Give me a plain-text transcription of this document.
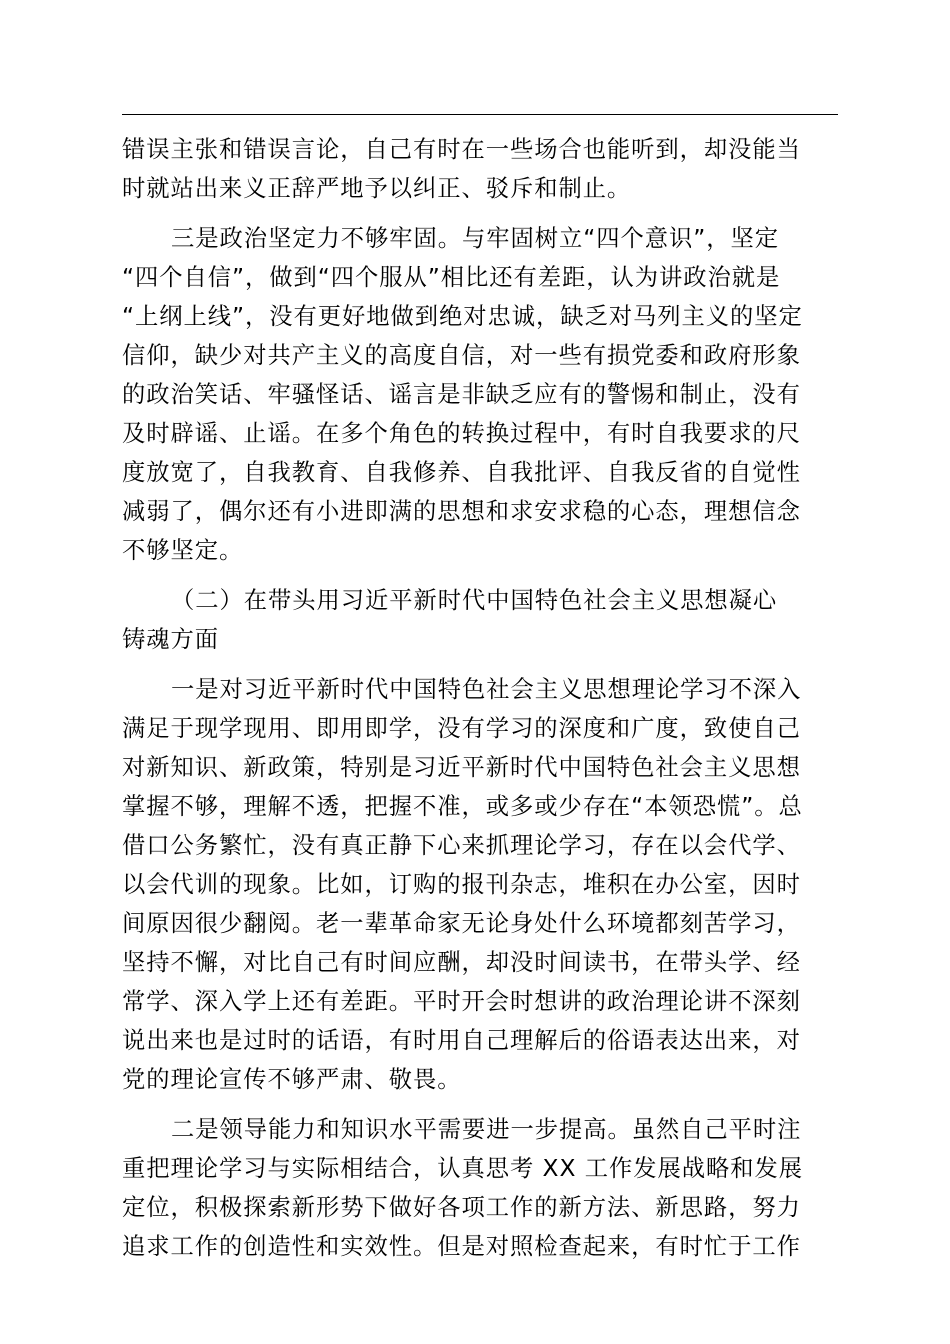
错误主张和错误言论，自己有时在一些场合也能听到，却没能当
时就站出来义正辞严地予以纠正、驳斥和制止。

三是政治坚定力不够牢固。与牢固树立“四个意识”，坚定
“四个自信”，做到“四个服从”相比还有差距，认为讲政治就是
“上纲上线”，没有更好地做到绝对忠诚，缺乏对马列主义的坚定
信仰，缺少对共产主义的高度自信，对一些有损党委和政府形象
的政治笑话、牢骚怪话、谣言是非缺乏应有的警惕和制止，没有
及时辟谣、止谣。在多个角色的转换过程中，有时自我要求的尺
度放宽了，自我教育、自我修养、自我批评、自我反省的自觉性
减弱了，偶尔还有小进即满的思想和求安求稳的心态，理想信念
不够坚定。

（二）在带头用习近平新时代中国特色社会主义思想凝心
铸魂方面

一是对习近平新时代中国特色社会主义思想理论学习不深入
满足于现学现用、即用即学，没有学习的深度和广度，致使自己
对新知识、新政策，特别是习近平新时代中国特色社会主义思想
掌握不够，理解不透，把握不准，或多或少存在“本领恐慌”。总
借口公务繁忙，没有真正静下心来抓理论学习，存在以会代学、
以会代训的现象。比如，订购的报刊杂志，堆积在办公室，因时
间原因很少翻阅。老一辈革命家无论身处什么环境都刻苦学习，
坚持不懈，对比自己有时间应酬，却没时间读书，在带头学、经
常学、深入学上还有差距。平时开会时想讲的政治理论讲不深刻
说出来也是过时的话语，有时用自己理解后的俗语表达出来，对
党的理论宣传不够严肃、敬畏。

二是领导能力和知识水平需要进一步提高。虽然自己平时注
重把理论学习与实际相结合，认真思考 XX 工作发展战略和发展
定位，积极探索新形势下做好各项工作的新方法、新思路，努力
追求工作的创造性和实效性。但是对照检查起来，有时忙于工作
